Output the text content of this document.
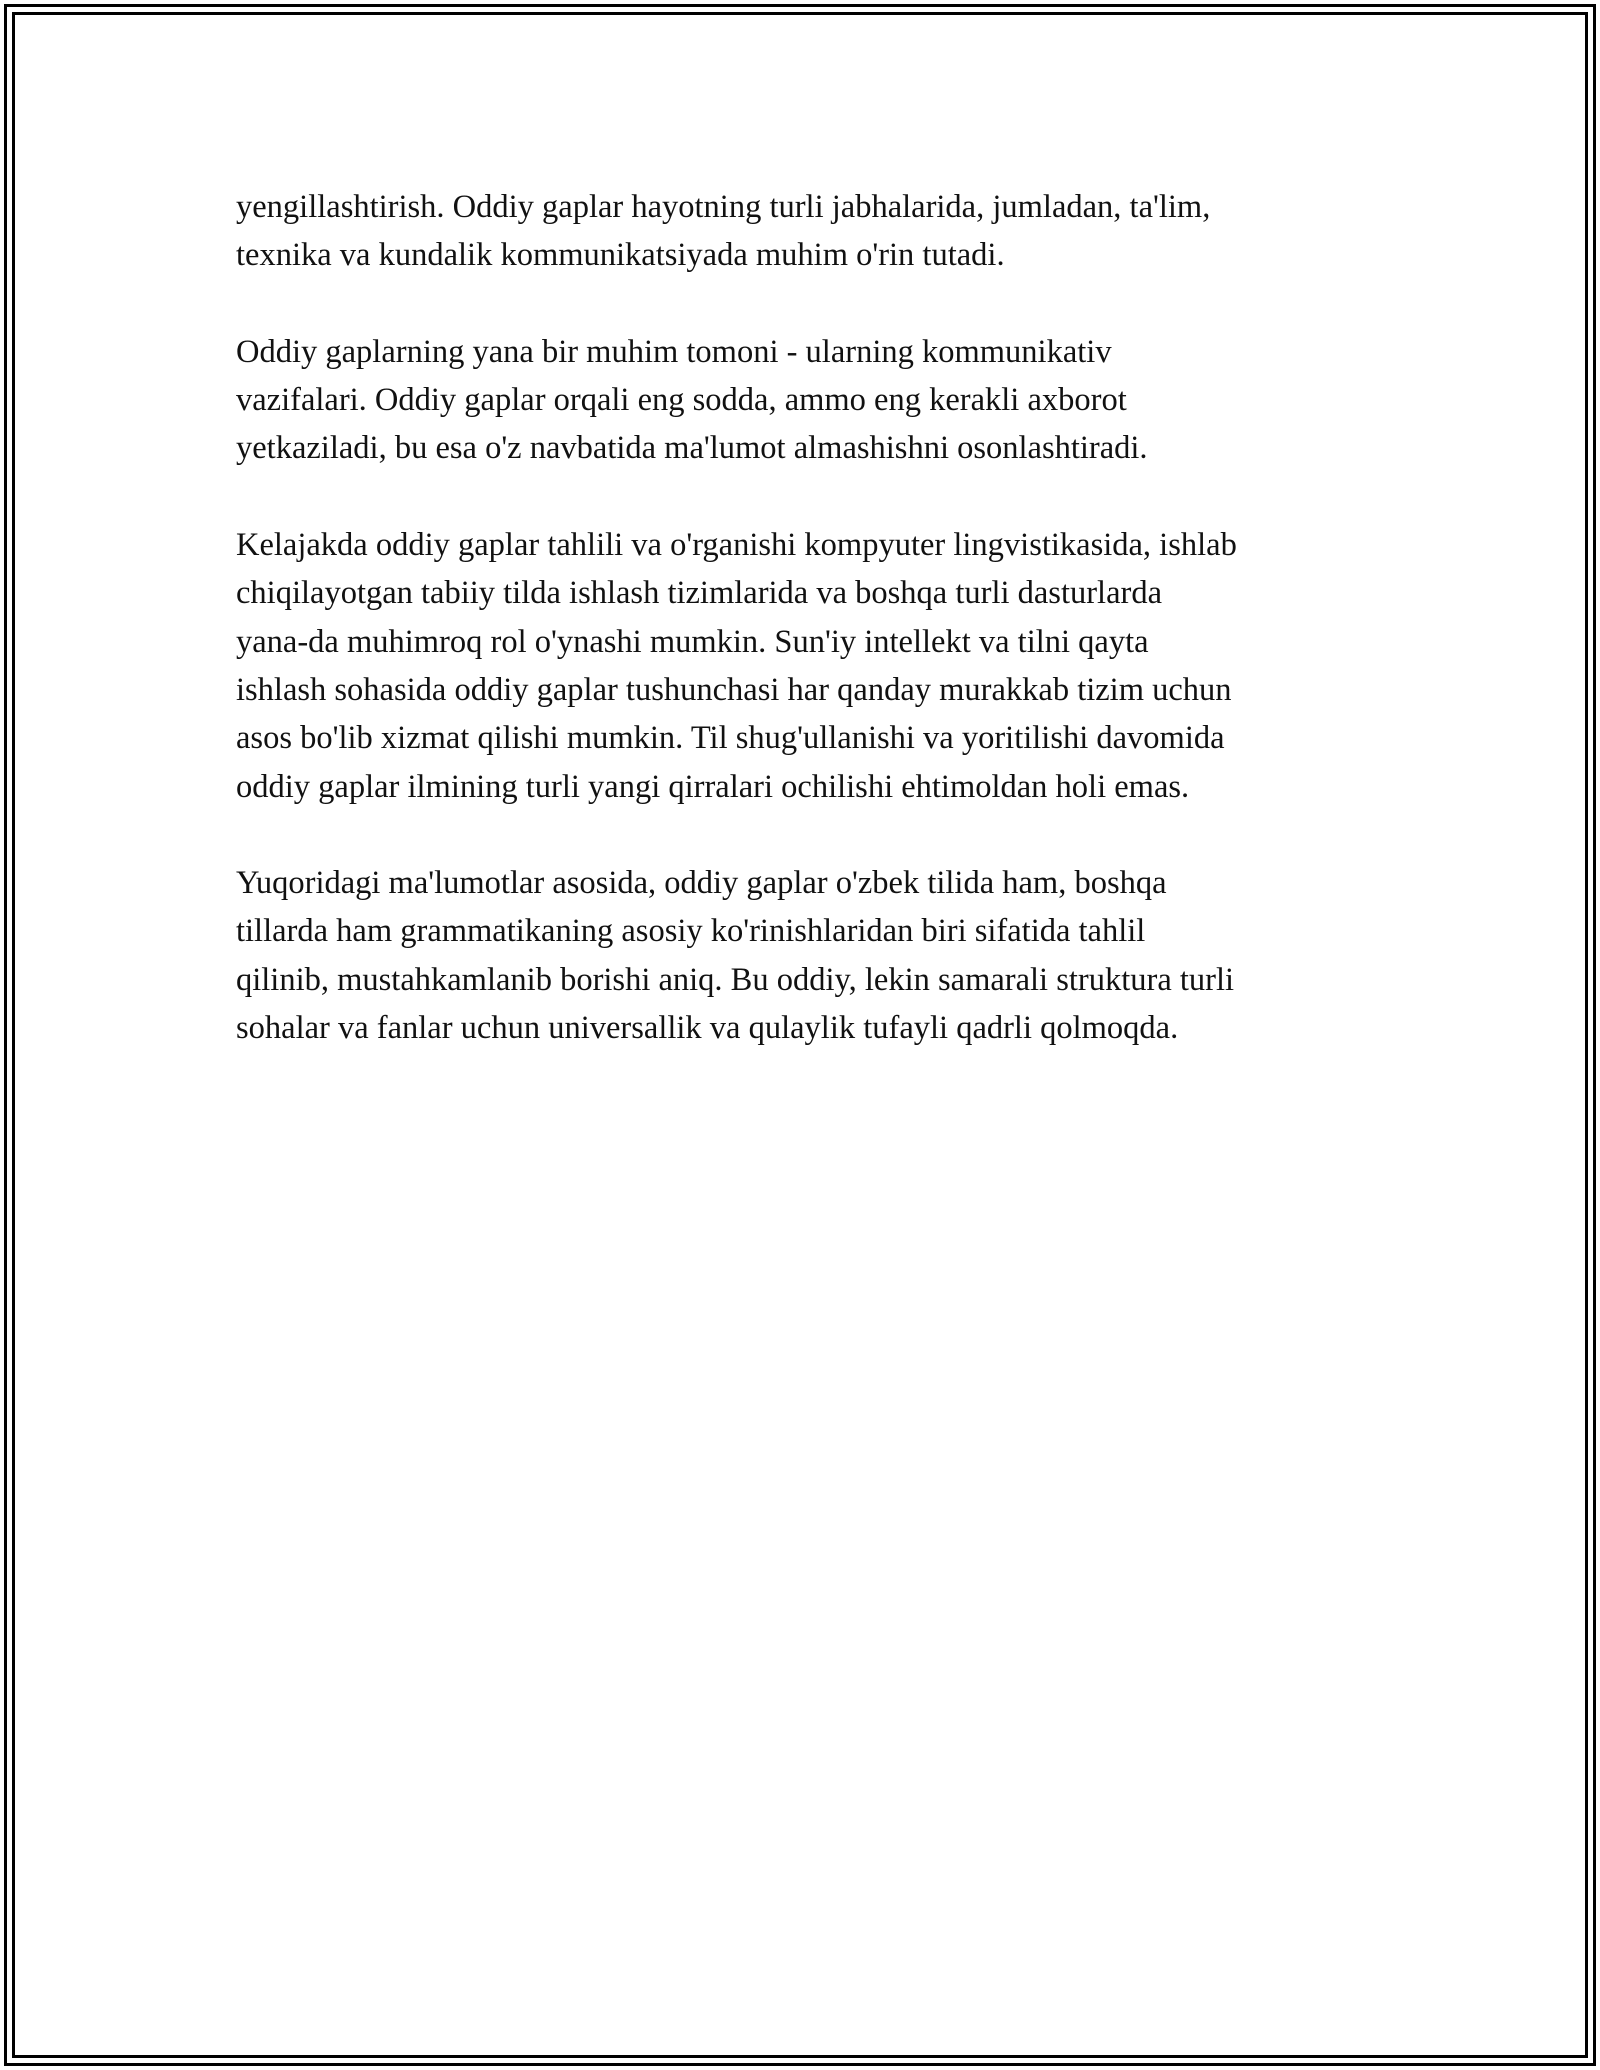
yengillashtirish. Oddiy gaplar hayotning turli jabhalarida, jumladan, ta'lim,
texnika va kundalik kommunikatsiyada muhim o'rin tutadi.

Oddiy gaplarning yana bir muhim tomoni - ularning kommunikativ
vazifalari. Oddiy gaplar orqali eng sodda, ammo eng kerakli axborot
yetkaziladi, bu esa o'z navbatida ma'lumot almashishni osonlashtiradi.

Kelajakda oddiy gaplar tahlili va o'rganishi kompyuter lingvistikasida, ishlab
chiqilayotgan tabiiy tilda ishlash tizimlarida va boshqa turli dasturlarda
yana-da muhimroq rol o'ynashi mumkin. Sun'iy intellekt va tilni qayta
ishlash sohasida oddiy gaplar tushunchasi har qanday murakkab tizim uchun
asos bo'lib xizmat qilishi mumkin. Til shug'ullanishi va yoritilishi davomida
oddiy gaplar ilmining turli yangi qirralari ochilishi ehtimoldan holi emas.

Yuqoridagi ma'lumotlar asosida, oddiy gaplar o'zbek tilida ham, boshqa
tillarda ham grammatikaning asosiy ko'rinishlaridan biri sifatida tahlil
qilinib, mustahkamlanib borishi aniq. Bu oddiy, lekin samarali struktura turli
sohalar va fanlar uchun universallik va qulaylik tufayli qadrli qolmoqda.
